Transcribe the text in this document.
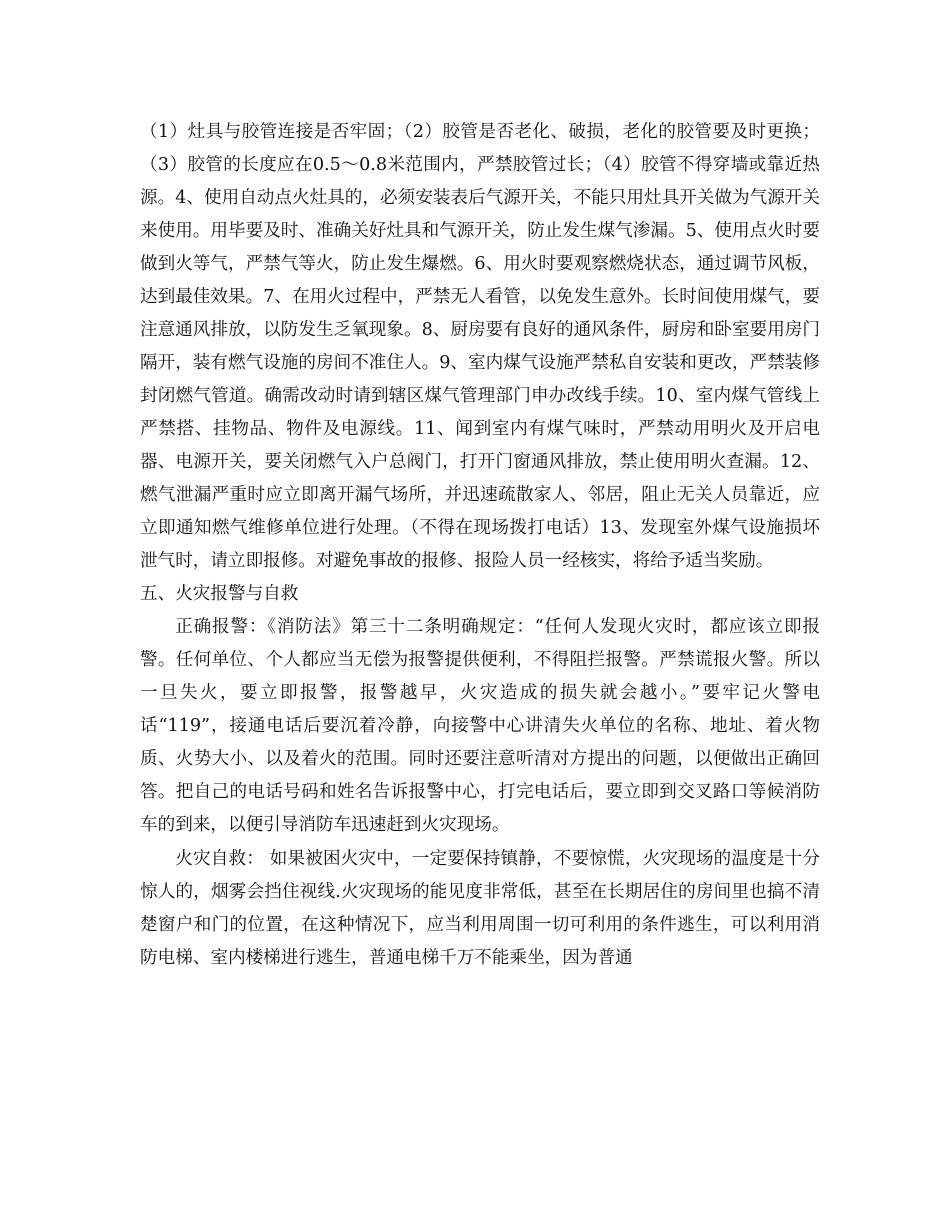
（1）灶具与胶管连接是否牢固；（2）胶管是否老化、破损，老化的胶管要及时更换；（3）胶管的长度应在0.5～0.8米范围内，严禁胶管过长；（4）胶管不得穿墙或靠近热源。4、使用自动点火灶具的，必须安装表后气源开关，不能只用灶具开关做为气源开关来使用。用毕要及时、准确关好灶具和气源开关，防止发生煤气渗漏。5、使用点火时要做到火等气，严禁气等火，防止发生爆燃。6、用火时要观察燃烧状态，通过调节风板，达到最佳效果。7、在用火过程中，严禁无人看管，以免发生意外。长时间使用煤气，要注意通风排放，以防发生乏氧现象。8、厨房要有良好的通风条件，厨房和卧室要用房门隔开，装有燃气设施的房间不准住人。9、室内煤气设施严禁私自安装和更改，严禁装修封闭燃气管道。确需改动时请到辖区煤气管理部门申办改线手续。10、室内煤气管线上严禁搭、挂物品、物件及电源线。11、闻到室内有煤气味时，严禁动用明火及开启电器、电源开关，要关闭燃气入户总阀门，打开门窗通风排放，禁止使用明火查漏。12、燃气泄漏严重时应立即离开漏气场所，并迅速疏散家人、邻居，阻止无关人员靠近，应立即通知燃气维修单位进行处理。（不得在现场拨打电话）13、发现室外煤气设施损坏泄气时，请立即报修。对避免事故的报修、报险人员一经核实，将给予适当奖励。

五、火灾报警与自救

正确报警：《消防法》第三十二条明确规定：“任何人发现火灾时，都应该立即报警。任何单位、个人都应当无偿为报警提供便利，不得阻拦报警。严禁谎报火警。所以一旦失火，要立即报警，报警越早，火灾造成的损失就会越小。”要牢记火警电话“119”，接通电话后要沉着冷静，向接警中心讲清失火单位的名称、地址、着火物质、火势大小、以及着火的范围。同时还要注意听清对方提出的问题，以便做出正确回答。把自己的电话号码和姓名告诉报警中心，打完电话后，要立即到交叉路口等候消防车的到来，以便引导消防车迅速赶到火灾现场。

火灾自救： 如果被困火灾中，一定要保持镇静，不要惊慌，火灾现场的温度是十分惊人的，烟雾会挡住视线.火灾现场的能见度非常低，甚至在长期居住的房间里也搞不清楚窗户和门的位置，在这种情况下，应当利用周围一切可利用的条件逃生，可以利用消防电梯、室内楼梯进行逃生，普通电梯千万不能乘坐，因为普通
